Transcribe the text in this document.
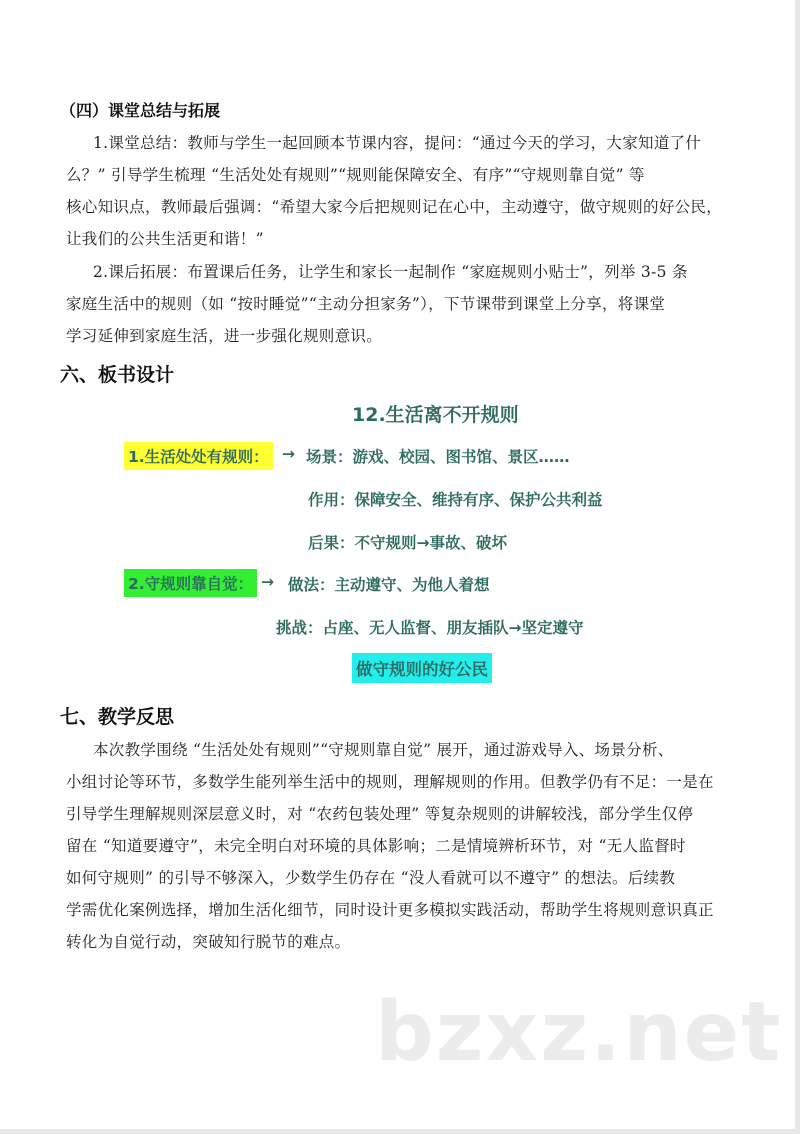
（四）课堂总结与拓展
1.课堂总结：教师与学生一起回顾本节课内容，提问：“通过今天的学习，大家知道了什
么？” 引导学生梳理 “生活处处有规则”“规则能保障安全、有序”“守规则靠自觉” 等
核心知识点，教师最后强调：“希望大家今后把规则记在心中，主动遵守，做守规则的好公民，
让我们的公共生活更和谐！”
2.课后拓展：布置课后任务，让学生和家长一起制作 “家庭规则小贴士”，列举 3-5 条
家庭生活中的规则（如 “按时睡觉”“主动分担家务”），下节课带到课堂上分享，将课堂
学习延伸到家庭生活，进一步强化规则意识。
六、板书设计
12.生活离不开规则
1.生活处处有规则： → 场景：游戏、校园、图书馆、景区……
作用：保障安全、维持有序、保护公共利益
后果：不守规则→事故、破坏
2.守规则靠自觉： → 做法：主动遵守、为他人着想
挑战：占座、无人监督、朋友插队→坚定遵守
做守规则的好公民
七、教学反思
本次教学围绕 “生活处处有规则”“守规则靠自觉” 展开，通过游戏导入、场景分析、
小组讨论等环节，多数学生能列举生活中的规则，理解规则的作用。但教学仍有不足：一是在
引导学生理解规则深层意义时，对 “农药包装处理” 等复杂规则的讲解较浅，部分学生仅停
留在 “知道要遵守”，未完全明白对环境的具体影响；二是情境辨析环节，对 “无人监督时
如何守规则” 的引导不够深入，少数学生仍存在 “没人看就可以不遵守” 的想法。后续教
学需优化案例选择，增加生活化细节，同时设计更多模拟实践活动，帮助学生将规则意识真正
转化为自觉行动，突破知行脱节的难点。
bzxz.net
